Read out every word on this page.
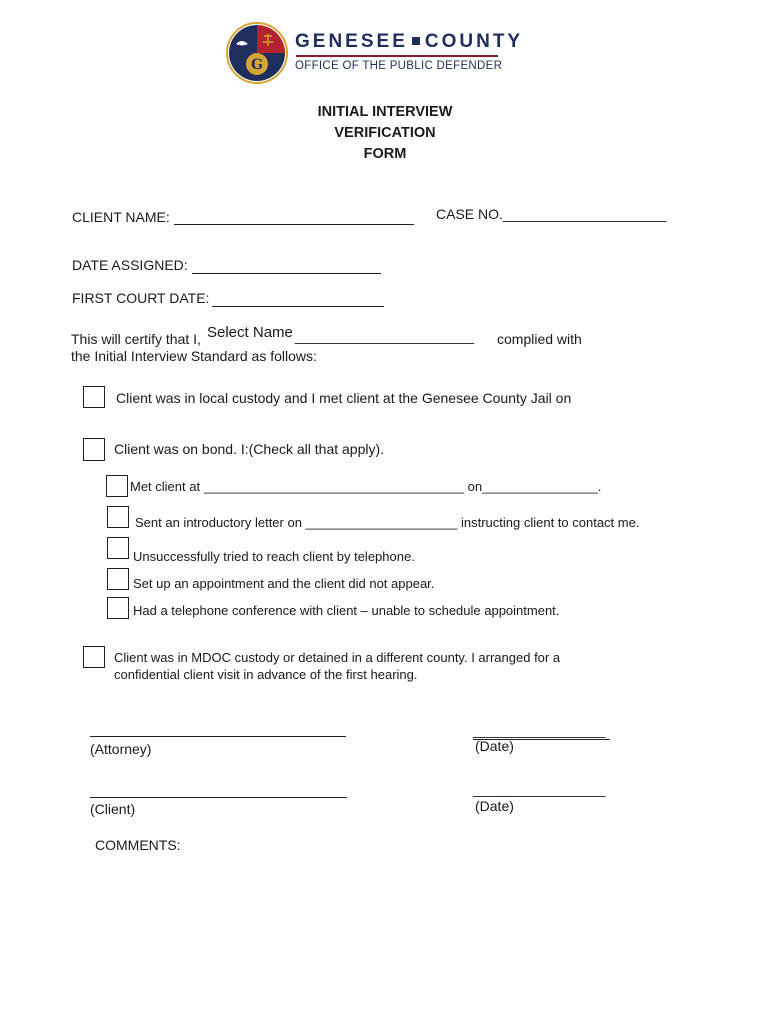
G
GENESEE COUNTY
OFFICE OF THE PUBLIC DEFENDER
INITIAL INTERVIEW
VERIFICATION
FORM
CLIENT NAME:	CASE NO._____________________
DATE ASSIGNED:
FIRST COURT DATE:
This will certify that I, Select Name _______________________ complied with
the Initial Interview Standard as follows:
Client was in local custody and I met client at the Genesee County Jail on
Client was on bond. I:(Check all that apply).
Met client at ____________________________________ on________________.
Sent an introductory letter on _____________________ instructing client to contact me.
Unsuccessfully tried to reach client by telephone.
Set up an appointment and the client did not appear.
Had a telephone conference with client – unable to schedule appointment.
Client was in MDOC custody or detained in a different county. I arranged for a
confidential client visit in advance of the first hearing.
(Attorney)
_________________
(Date)
(Client)
_________________
(Date)
COMMENTS:
